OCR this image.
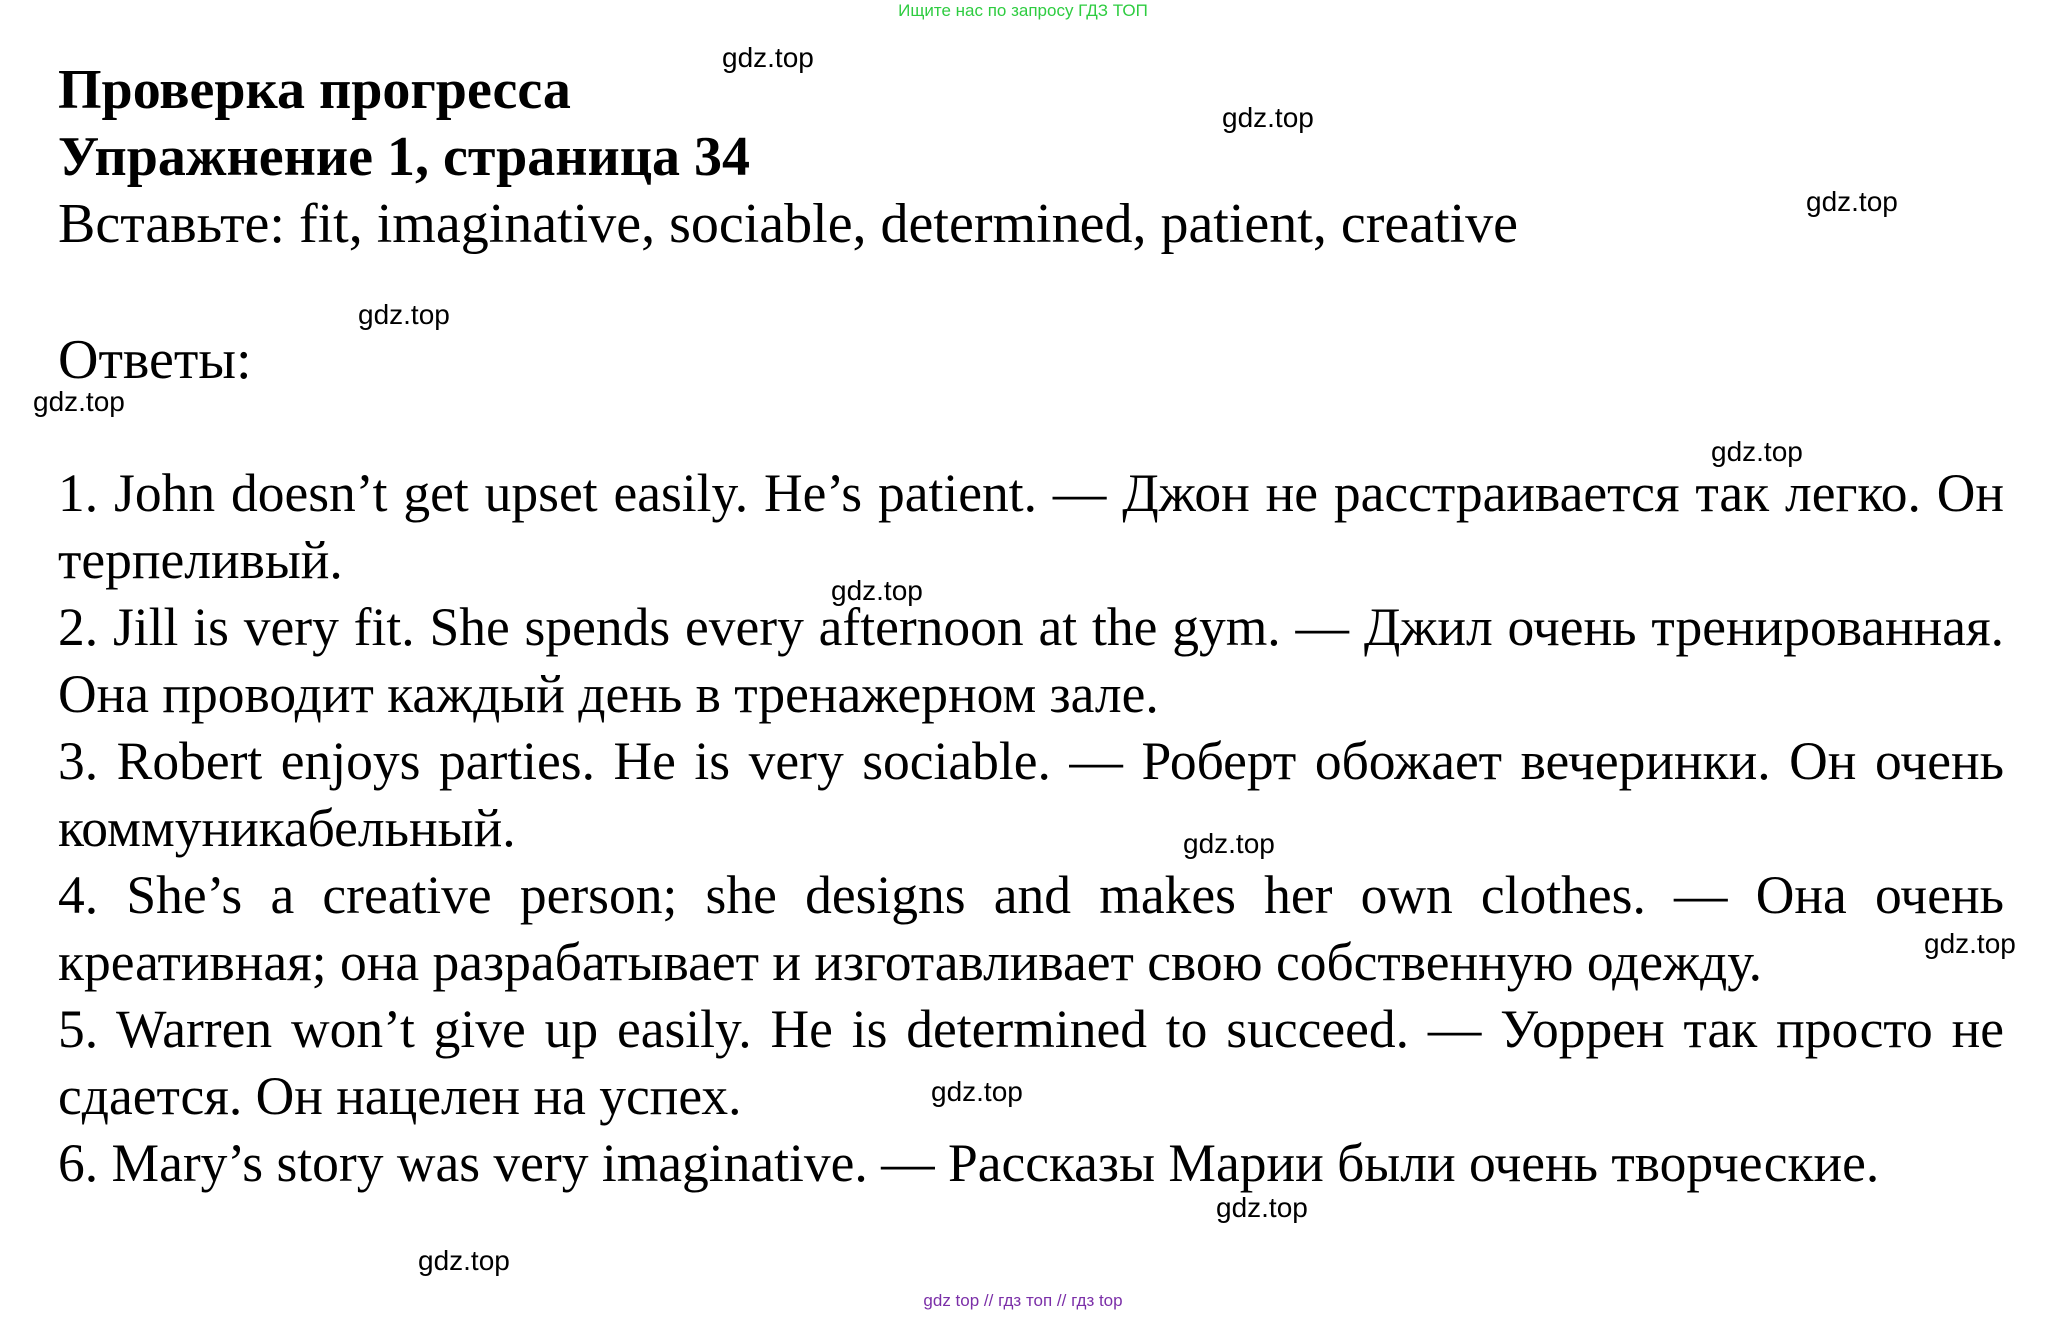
Ищите нас по запросу ГДЗ ТОП
Проверка прогресса
Упражнение 1, страница 34
Вставьте: fit, imaginative, sociable, determined, patient, creative
Ответы:

1. John doesn’t get upset easily. He’s patient. — Джон не расстраивается так легко. Он терпеливый.

2. Jill is very fit. She spends every afternoon at the gym. — Джил очень тренированная. Она проводит каждый день в тренажерном зале.

3. Robert enjoys parties. He is very sociable. — Роберт обожает вечеринки. Он очень коммуникабельный.

4. She’s a creative person; she designs and makes her own clothes. — Она очень креативная; она разрабатывает и изготавливает свою собственную одежду.

5. Warren won’t give up easily. He is determined to succeed. — Уоррен так просто не сдается. Он нацелен на успех.

6. Mary’s story was very imaginative. — Рассказы Марии были очень творческие.

gdz.top
gdz.top
gdz.top
gdz.top
gdz.top
gdz.top
gdz.top
gdz.top
gdz.top
gdz.top
gdz.top
gdz.top
gdz top // гдз топ // гдз top
